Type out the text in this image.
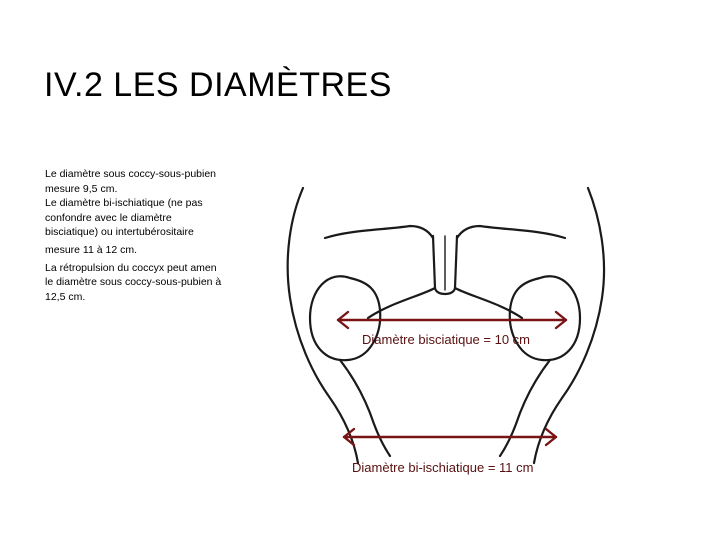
IV.2 LES DIAMÈTRES
Le diamètre sous coccy-sous-pubien
mesure 9,5 cm.
Le diamètre bi-ischiatique (ne pas
confondre avec le diamètre
bisciatique) ou intertubérositaire
mesure 11 à 12 cm.
La rétropulsion du coccyx peut amen
le diamètre sous coccy-sous-pubien à
12,5 cm.
Diamètre bisciatique = 10 cm
Diamètre bi-ischiatique = 11 cm
